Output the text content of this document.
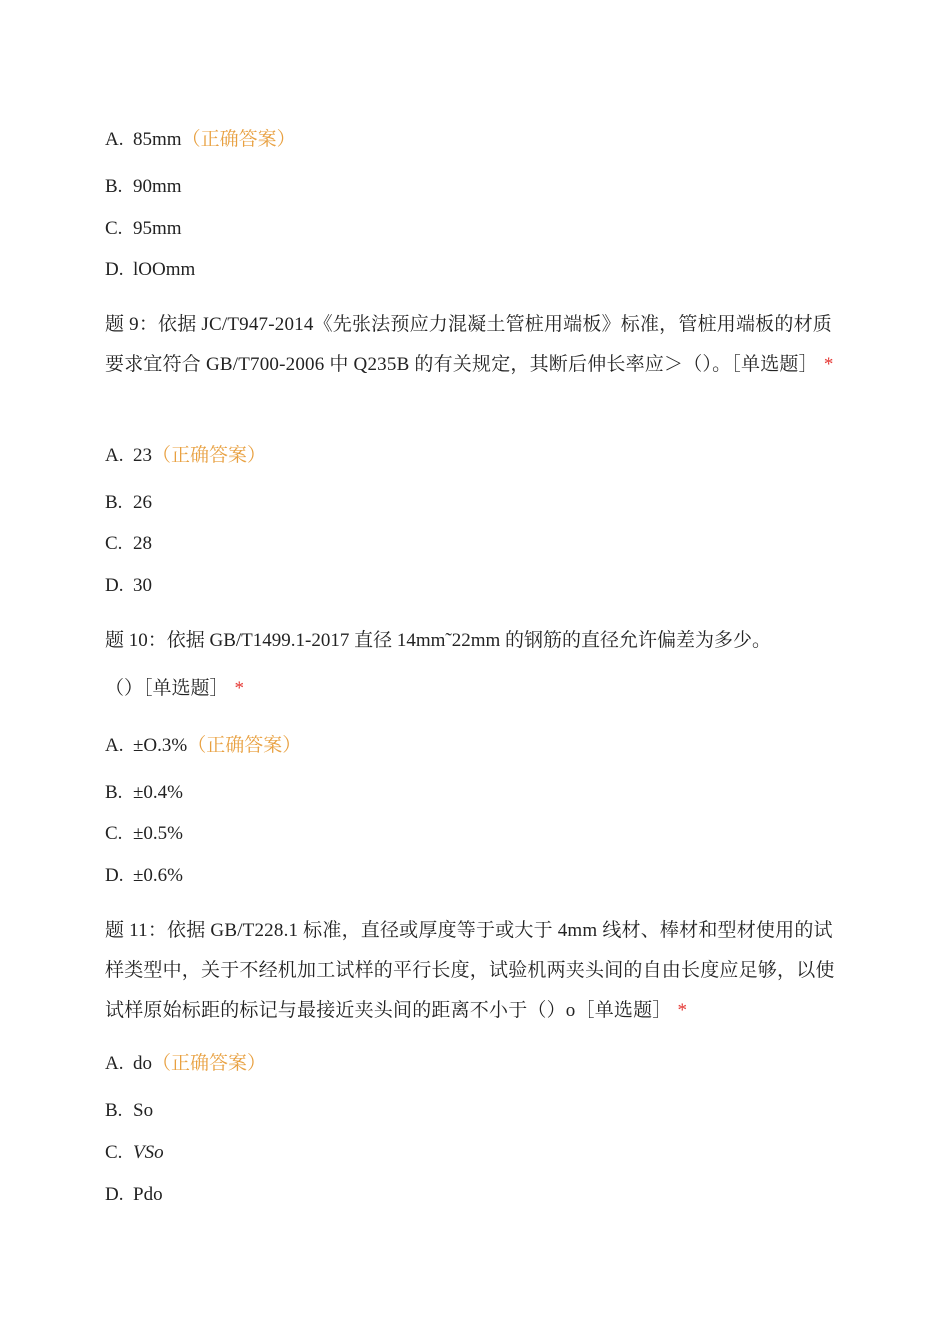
A. 85mm（正确答案）
B. 90mm
C. 95mm
D. lOOmm
题 9：依据 JC/T947-2014《先张法预应力混凝土管桩用端板》标准，管桩用端板的材质要求宜符合 GB/T700-2006 中 Q235B 的有关规定，其断后伸长率应＞（）。［单选题］ *
A. 23（正确答案）
B. 26
C. 28
D. 30
题 10：依据 GB/T1499.1-2017 直径 14mm˜22mm 的钢筋的直径允许偏差为多少。
（）［单选题］ *
A. ±O.3%（正确答案）
B. ±0.4%
C. ±0.5%
D. ±0.6%
题 11：依据 GB/T228.1 标准，直径或厚度等于或大于 4mm 线材、棒材和型材使用的试样类型中，关于不经机加工试样的平行长度，试验机两夹头间的自由长度应足够，以使试样原始标距的标记与最接近夹头间的距离不小于（）o［单选题］ *
A. do（正确答案）
B. So
C. VSo
D. Pdo
